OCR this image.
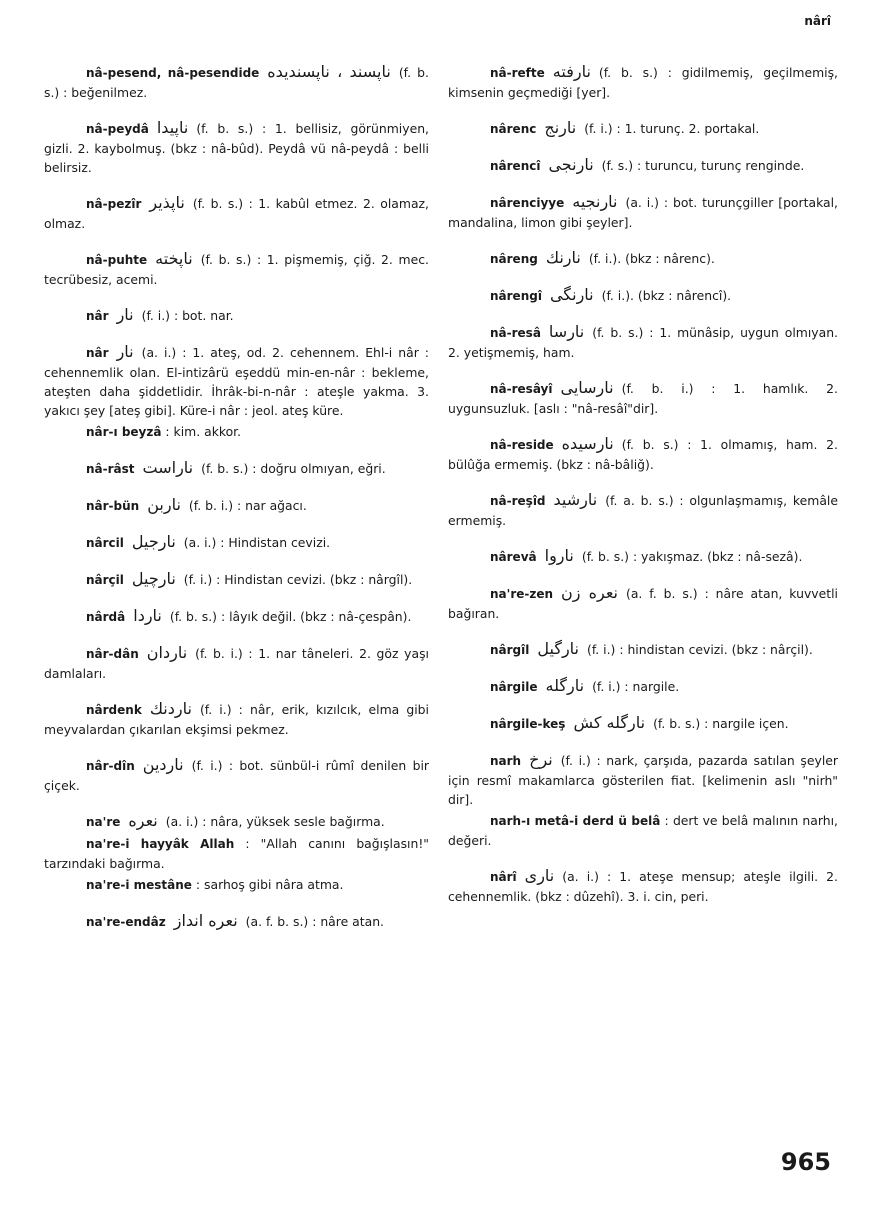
nârî

nâ-pesend, nâ-pesendide ناپسند ، ناپسندیده (f. b. s.) : beğenilmez.

nâ-peydâ ناپیدا (f. b. s.) : 1. bellisiz, görünmiyen, gizli. 2. kaybolmuş. (bkz : nâ-bûd). Peydâ vü nâ-peydâ : belli belirsiz.

nâ-pezîr ناپذیر (f. b. s.) : 1. kabûl etmez. 2. olamaz, olmaz.

nâ-puhte ناپخته (f. b. s.) : 1. pişmemiş, çiğ. 2. mec. tecrübesiz, acemi.

nâr نار (f. i.) : bot. nar.

nâr نار (a. i.) : 1. ateş, od. 2. cehennem. Ehl-i nâr : cehennemlik olan. El-intizârü eşeddü min-en-nâr : bekleme, ateşten daha şiddetlidir. İhrâk-bi-n-nâr : ateşle yakma. 3. yakıcı şey [ateş gibi]. Küre-i nâr : jeol. ateş küre.

nâr-ı beyzâ : kim. akkor.

nâ-râst ناراست (f. b. s.) : doğru olmıyan, eğri.

nâr-bün ناربن (f. b. i.) : nar ağacı.

nârcil نارجیل (a. i.) : Hindistan cevizi.

nârçil نارچیل (f. i.) : Hindistan cevizi. (bkz : nârgîl).

nârdâ ناردا (f. b. s.) : lâyık değil. (bkz : nâ-çespân).

nâr-dân ناردان (f. b. i.) : 1. nar tâneleri. 2. göz yaşı damlaları.

nârdenk ناردنك (f. i.) : nâr, erik, kızılcık, elma gibi meyvalardan çıkarılan ekşimsi pekmez.

nâr-dîn ناردین (f. i.) : bot. sünbül-i rûmî denilen bir çiçek.

na're نعره (a. i.) : nâra, yüksek sesle bağırma.

na're-i hayyâk Allah : "Allah canını bağışlasın!" tarzındaki bağırma.

na're-i mestâne : sarhoş gibi nâra atma.

na're-endâz نعره انداز (a. f. b. s.) : nâre atan.

nâ-refte نارفته (f. b. s.) : gidilmemiş, geçilmemiş, kimsenin geçmediği [yer].

nârenc نارنج (f. i.) : 1. turunç. 2. portakal.

nârencî نارنجی (f. s.) : turuncu, turunç renginde.

nârenciyye نارنجیه (a. i.) : bot. turunçgiller [portakal, mandalina, limon gibi şeyler].

nâreng نارنك (f. i.). (bkz : nârenc).

nârengî نارنگی (f. i.). (bkz : nârencî).

nâ-resâ نارسا (f. b. s.) : 1. münâsip, uygun olmıyan. 2. yetişmemiş, ham.

nâ-resâyî نارسایی (f. b. i.) : 1. hamlık. 2. uygunsuzluk. [aslı : "nâ-resâî"dir].

nâ-reside نارسیده (f. b. s.) : 1. olmamış, ham. 2. bülûğa ermemiş. (bkz : nâ-bâliğ).

nâ-reşîd نارشید (f. a. b. s.) : olgunlaşmamış, kemâle ermemiş.

nârevâ ناروا (f. b. s.) : yakışmaz. (bkz : nâ-sezâ).

na're-zen نعره زن (a. f. b. s.) : nâre atan, kuvvetli bağıran.

nârgîl نارگیل (f. i.) : hindistan cevizi. (bkz : nârçil).

nârgile نارگله (f. i.) : nargile.

nârgile-keş نارگله کش (f. b. s.) : nargile içen.

narh نرخ (f. i.) : nark, çarşıda, pazarda satılan şeyler için resmî makamlarca gösterilen fiat. [kelimenin aslı "nirh" dir].

narh-ı metâ-i derd ü belâ : dert ve belâ malının narhı, değeri.

nârî ناری (a. i.) : 1. ateşe mensup; ateşle ilgili. 2. cehennemlik. (bkz : dûzehî). 3. i. cin, peri.

965
